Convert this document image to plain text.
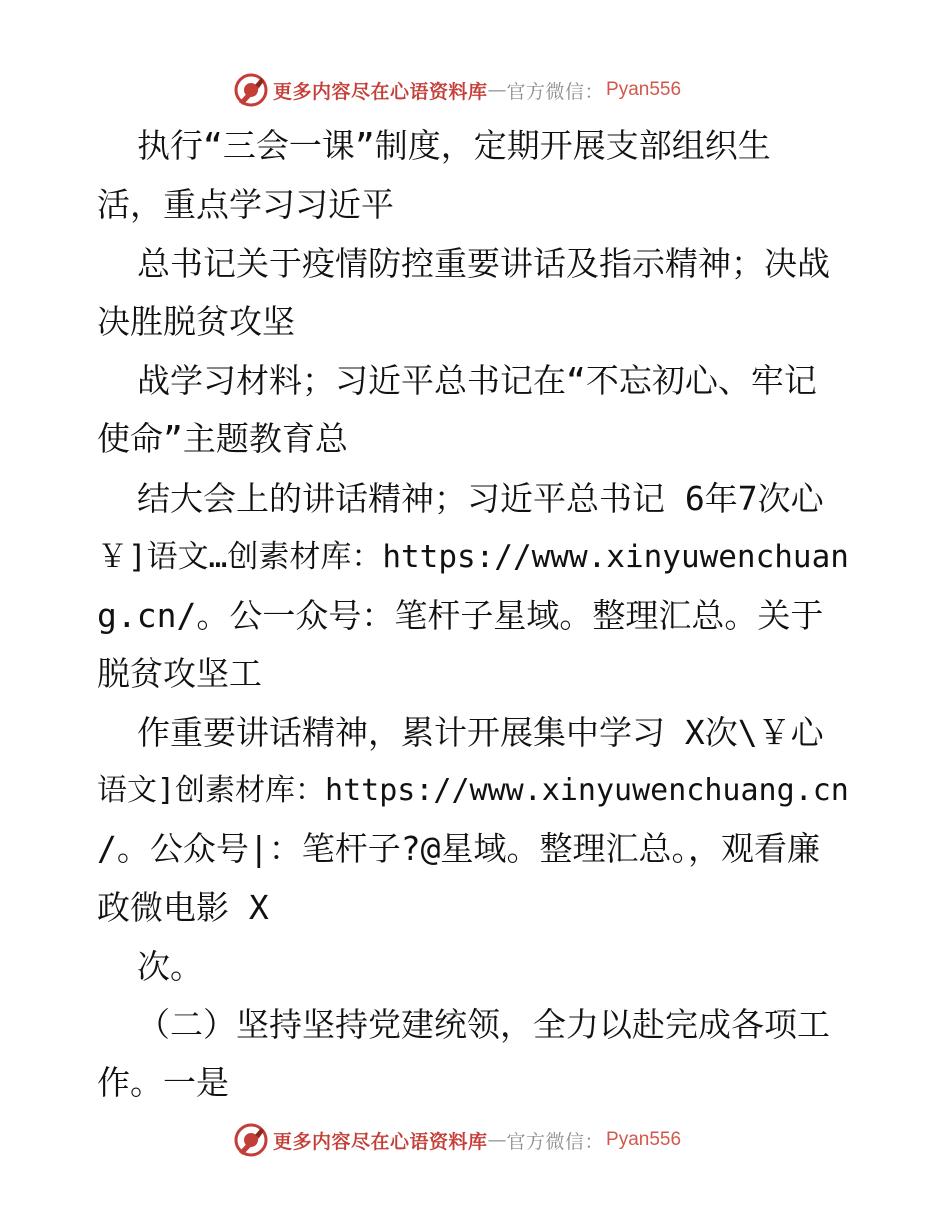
更多内容尽在心语资料库 — 官方微信： Pyan556
执行“三会一课”制度，定期开展支部组织生
活，重点学习习近平
总书记关于疫情防控重要讲话及指示精神；决战
决胜脱贫攻坚
战学习材料；习近平总书记在“不忘初心、牢记
使命”主题教育总
结大会上的讲话精神；习近平总书记 6年7次心
￥]语文…创素材库：https://www.xinyuwenchuan
g.cn/。公一众号：笔杆子星域。整理汇总。关于
脱贫攻坚工
作重要讲话精神，累计开展集中学习 X次\￥心
语文]创素材库：https://www.xinyuwenchuang.cn
/。公众号|：笔杆子?@星域。整理汇总。，观看廉
政微电影 X
次。
（二）坚持坚持党建统领，全力以赴完成各项工
作。一是
更多内容尽在心语资料库 — 官方微信： Pyan556
